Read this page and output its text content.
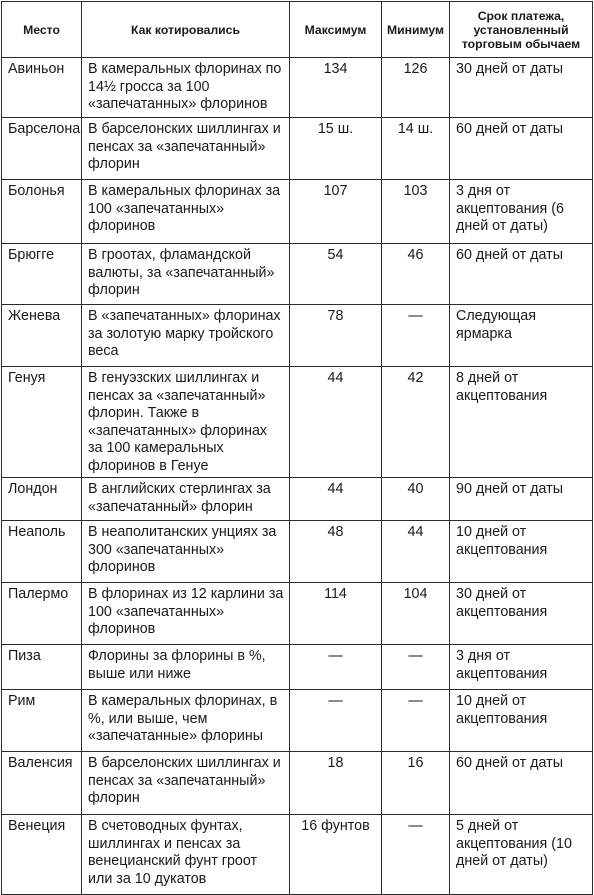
Место	Как котировались	Максимум	Минимум	Срок платежа, установленный торговым обычаем
Авиньон	В камеральных флоринах по 14½ гросса за 100 «запечатанных» флоринов	134	126	30 дней от даты
Барселона	В барселонских шиллингах и пенсах за «запечатанный» флорин	15 ш.	14 ш.	60 дней от даты
Болонья	В камеральных флоринах за 100 «запечатанных» флоринов	107	103	3 дня от акцептования (6 дней от даты)
Брюгге	В гроотах, фламандской валюты, за «запечатанный» флорин	54	46	60 дней от даты
Женева	В «запечатанных» флоринах за золотую марку тройского веса	78	—	Следующая ярмарка
Генуя	В генуэзских шиллингах и пенсах за «запечатанный» флорин. Также в «запечатанных» флоринах за 100 камеральных флоринов в Генуе	44	42	8 дней от акцептования
Лондон	В английских стерлингах за «запечатанный» флорин	44	40	90 дней от даты
Неаполь	В неаполитанских унциях за 300 «запечатанных» флоринов	48	44	10 дней от акцептования
Палермо	В флоринах из 12 карлини за 100 «запечатанных» флоринов	114	104	30 дней от акцептования
Пиза	Флорины за флорины в %, выше или ниже	—	—	3 дня от акцептования
Рим	В камеральных флоринах, в %, или выше, чем «запечатанные» флорины	—	—	10 дней от акцептования
Валенсия	В барселонских шиллингах и пенсах за «запечатанный» флорин	18	16	60 дней от даты
Венеция	В счетоводных фунтах, шиллингах и пенсах за венецианский фунт гроот или за 10 дукатов	16 фунтов	—	5 дней от акцептования (10 дней от даты)
